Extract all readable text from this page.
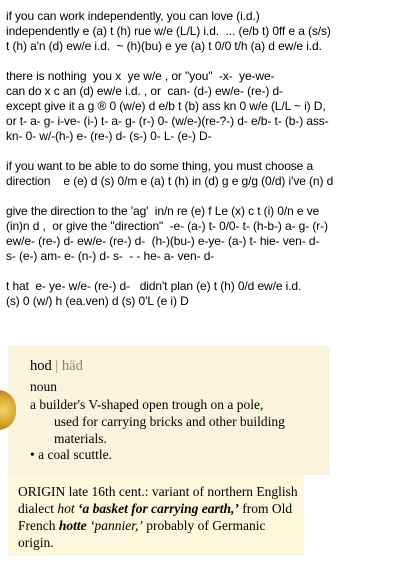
if you can work independently, you can love (i.d.)
independently e (a) t (h) rue w/e (L/L) i.d.  ... (e/b t) 0ff e a (s/s)
t (h) a'n (d) ew/e i.d.  ~ (h)(bu) e ye (a) t 0/0 t/h (a) d ew/e i.d.

there is nothing  you x  ye w/e , or "you"  -x-  ye-we-
can do x c an (d) ew/e i.d. , or  can- (d-) ew/e- (re-) d-
except give it a g ® 0 (w/e) d e/b t (b) ass kn 0 w/e (L/L ~ i) D,
or t- a- g- i-ve- (i-) t- a- g- (r-) 0- (w/e-)(re-?-) d- e/b- t- (b-) ass-
kn- 0- w/-(h-) e- (re-) d- (s-) 0- L- (e-) D-

if you want to be able to do some thing, you must choose a
direction    e (e) d (s) 0/m e (a) t (h) in (d) g e g/g (0/d) i've (n) d

give the direction to the 'ag'  in/n re (e) f Le (x) c t (i) 0/n e ve
(in)n d ,  or give the "direction"  -e- (a-) t- 0/0- t- (h-b-) a- g- (r-)
ew/e- (re-) d- ew/e- (re-) d-  (h-)(bu-) e-ye- (a-) t- hie- ven- d-
s- (e-) am- e- (n-) d- s-  - - he- a- ven- d-

t hat  e- ye- w/e- (re-) d-   didn't plan (e) t (h) 0/d ew/e i.d.
(s) 0 (w/) h (ea.ven) d (s) 0'L (e i) D

hod | häd
noun
a builder's V-shaped open trough on a pole,
used for carrying bricks and other building materials.
• a coal scuttle.
ORIGIN late 16th cent.: variant of northern English dialect hot ‘a basket for carrying earth,’ from Old French hotte ‘pannier,’ probably of Germanic origin.
